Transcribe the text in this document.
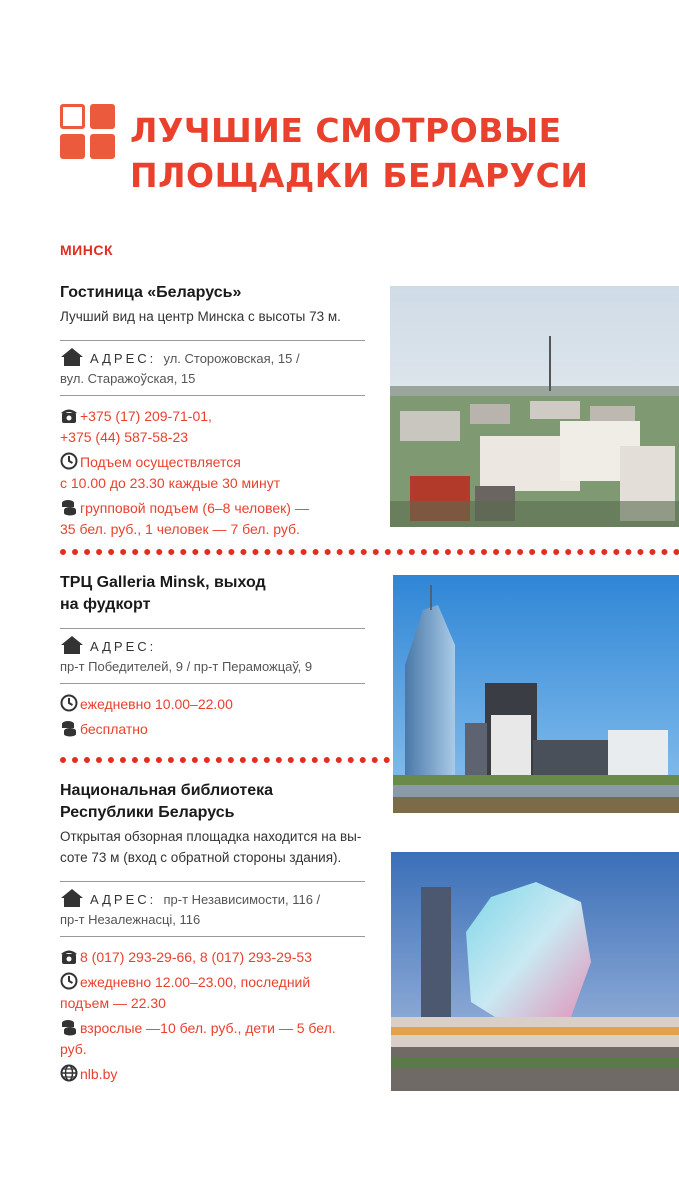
ЛУЧШИЕ СМОТРОВЫЕ
ПЛОЩАДКИ БЕЛАРУСИ
МИНСК
Гостиница «Беларусь»
Лучший вид на центр Минска с высоты 73 м.
АДРЕС: ул. Сторожовская, 15 /
вул. Старажоўская, 15
+375 (17) 209-71-01,
+375 (44) 587-58-23
Подъем осуществляется
с 10.00 до 23.30 каждые 30 минут
групповой подъем (6–8 человек) —
35 бел. руб., 1 человек — 7 бел. руб.
ТРЦ Galleria Minsk, выход
на фудкорт
АДРЕС:
пр-т Победителей, 9 / пр-т Пераможцаў, 9
ежедневно 10.00–22.00
бесплатно
Национальная библиотека
Республики Беларусь
Открытая обзорная площадка находится на вы-
соте 73 м (вход с обратной стороны здания).
АДРЕС: пр-т Независимости, 116 /
пр-т Незалежнасці, 116
8 (017) 293-29-66, 8 (017) 293-29-53
ежедневно 12.00–23.00, последний
подъем — 22.30
взрослые —10 бел. руб., дети — 5 бел. руб.
nlb.by
